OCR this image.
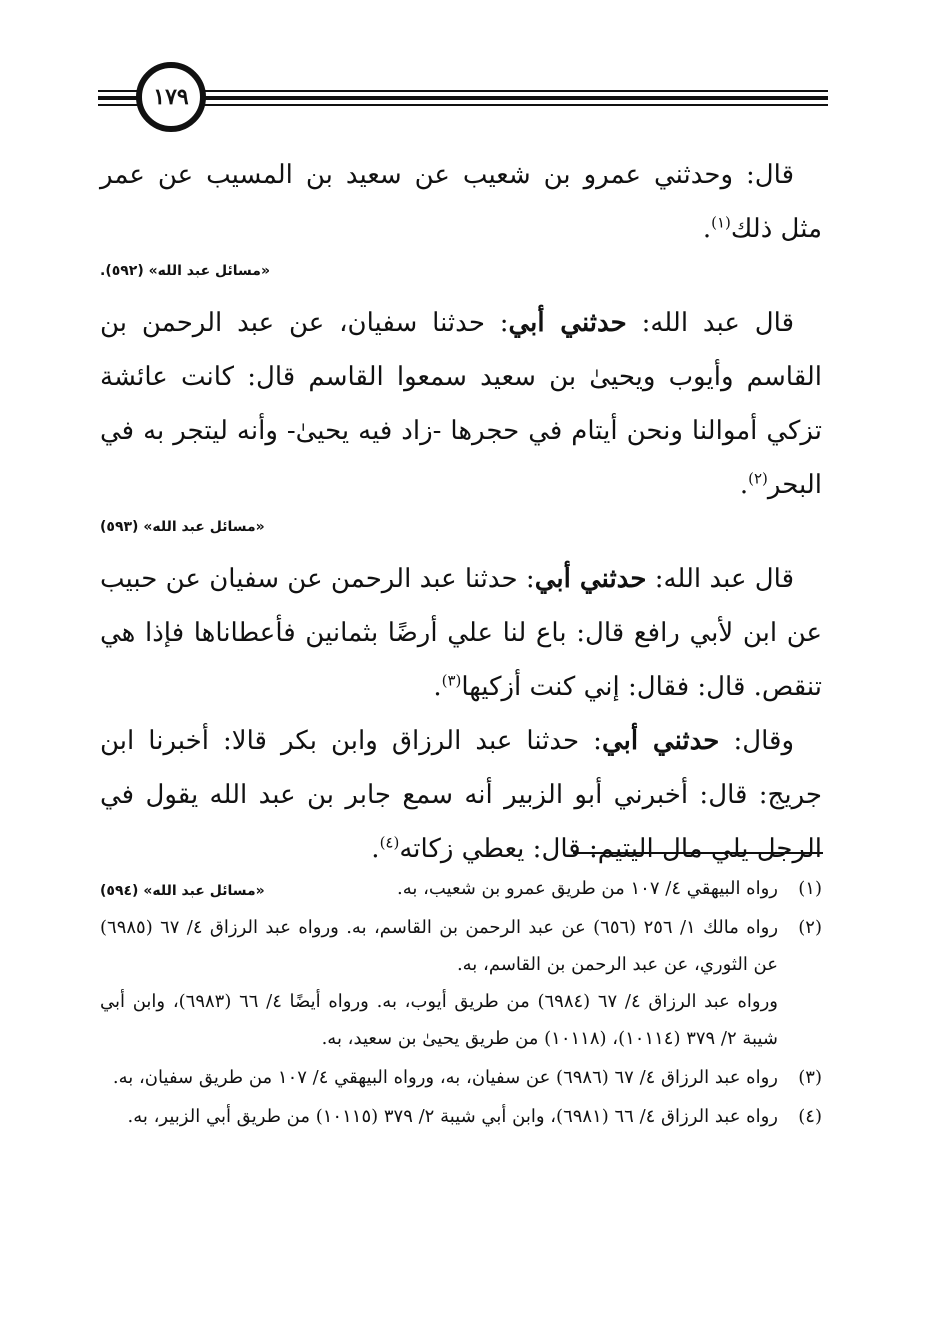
١٧٩

قال: وحدثني عمرو بن شعيب عن سعيد بن المسيب عن عمر مثل ذلك$^{(١)}$.

«مسائل عبد الله» (٥٩٢).

قال عبد الله: حدثني أبي: حدثنا سفيان، عن عبد الرحمن بن القاسم وأيوب ويحيىٰ بن سعيد سمعوا القاسم قال: كانت عائشة تزكي أموالنا ونحن أيتام في حجرها -زاد فيه يحيىٰ- وأنه ليتجر به في البحر$^{(٢)}$.

«مسائل عبد الله» (٥٩٣)

قال عبد الله: حدثني أبي: حدثنا عبد الرحمن عن سفيان عن حبيب عن ابن لأبي رافع قال: باع لنا علي أرضًا بثمانين فأعطاناها فإذا هي تنقص. قال: فقال: إني كنت أزكيها$^{(٣)}$.

وقال: حدثني أبي: حدثنا عبد الرزاق وابن بكر قالا: أخبرنا ابن جريج: قال: أخبرني أبو الزبير أنه سمع جابر بن عبد الله يقول في الرجل يلي مال اليتيم: قال: يعطي زكاته$^{(٤)}$.

«مسائل عبد الله» (٥٩٤)	(١)
رواه البيهقي ٤/ ١٠٧ من طريق عمرو بن شعيب، به.
(٢)
رواه مالك ١/ ٢٥٦ (٦٥٦) عن عبد الرحمن بن القاسم، به. ورواه عبد الرزاق ٤/ ٦٧ (٦٩٨٥) عن الثوري، عن عبد الرحمن بن القاسم، به.
ورواه عبد الرزاق ٤/ ٦٧ (٦٩٨٤) من طريق أيوب، به. ورواه أيضًا ٤/ ٦٦ (٦٩٨٣)، وابن أبي شيبة ٢/ ٣٧٩ (١٠١١٤)، (١٠١١٨) من طريق يحيىٰ بن سعيد، به.
(٣)
رواه عبد الرزاق ٤/ ٦٧ (٦٩٨٦) عن سفيان، به، ورواه البيهقي ٤/ ١٠٧ من طريق سفيان، به.
(٤)
رواه عبد الرزاق ٤/ ٦٦ (٦٩٨١)، وابن أبي شيبة ٢/ ٣٧٩ (١٠١١٥) من طريق أبي الزبير، به.
